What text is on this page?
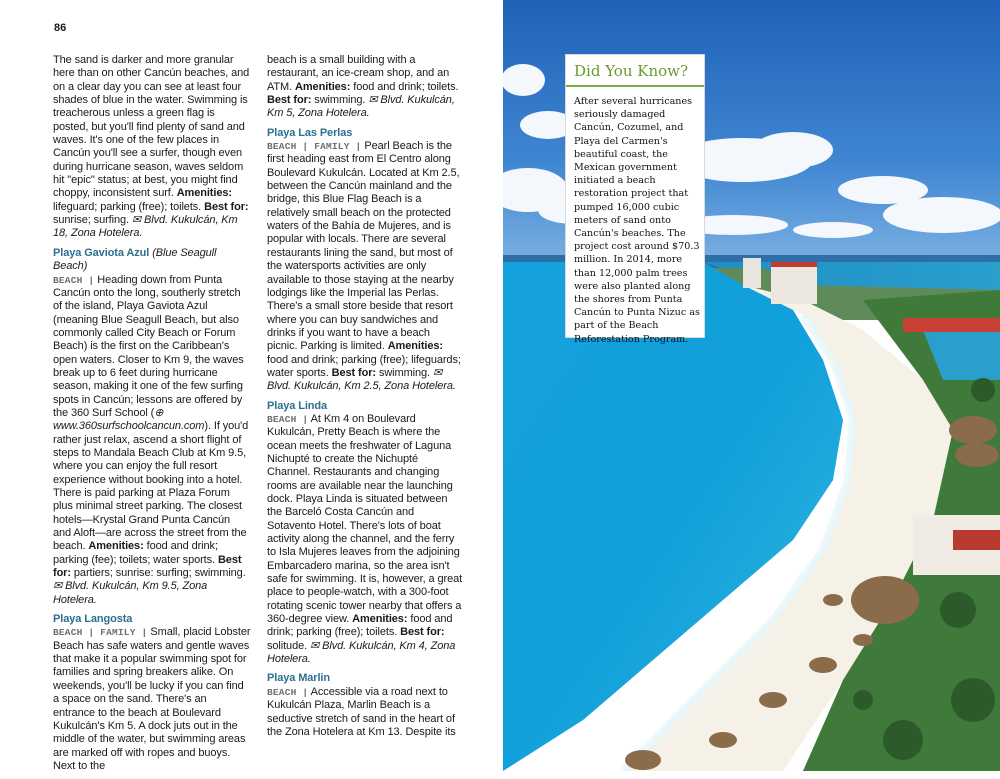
86

The sand is darker and more granular here than on other Cancún beaches, and on a clear day you can see at least four shades of blue in the water. Swimming is treacherous unless a green flag is posted, but you'll find plenty of sand and waves. It's one of the few places in Cancún you'll see a surfer, though even during hurricane season, waves seldom hit "epic" status; at best, you might find choppy, inconsistent surf. Amenities: lifeguard; parking (free); toilets. Best for: sunrise; surfing. ✉ Blvd. Kukulcán, Km 18, Zona Hotelera.

Playa Gaviota Azul (Blue Seagull Beach)
BEACH | Heading down from Punta Cancún onto the long, southerly stretch of the island, Playa Gaviota Azul (meaning Blue Seagull Beach, but also commonly called City Beach or Forum Beach) is the first on the Caribbean's open waters. Closer to Km 9, the waves break up to 6 feet during hurricane season, making it one of the few surfing spots in Cancún; lessons are offered by the 360 Surf School (⊕ www.360surfschoolcancun.com). If you'd rather just relax, ascend a short flight of steps to Mandala Beach Club at Km 9.5, where you can enjoy the full resort experience without booking into a hotel. There is paid parking at Plaza Forum plus minimal street parking. The closest hotels—Krystal Grand Punta Cancún and Aloft—are across the street from the beach. Amenities: food and drink; parking (fee); toilets; water sports. Best for: partiers; sunrise: surfing; swimming. ✉ Blvd. Kukulcán, Km 9.5, Zona Hotelera.

Playa Langosta
BEACH | FAMILY | Small, placid Lobster Beach has safe waters and gentle waves that make it a popular swimming spot for families and spring breakers alike. On weekends, you'll be lucky if you can find a space on the sand. There's an entrance to the beach at Boulevard Kukulcán's Km 5. A dock juts out in the middle of the water, but swimming areas are marked off with ropes and buoys. Next to the

beach is a small building with a restaurant, an ice-cream shop, and an ATM. Amenities: food and drink; toilets. Best for: swimming. ✉ Blvd. Kukulcán, Km 5, Zona Hotelera.

Playa Las Perlas
BEACH | FAMILY | Pearl Beach is the first heading east from El Centro along Boulevard Kukulcán. Located at Km 2.5, between the Cancún mainland and the bridge, this Blue Flag Beach is a relatively small beach on the protected waters of the Bahía de Mujeres, and is popular with locals. There are several restaurants lining the sand, but most of the watersports activities are only available to those staying at the nearby lodgings like the Imperial las Perlas. There's a small store beside that resort where you can buy sandwiches and drinks if you want to have a beach picnic. Parking is limited. Amenities: food and drink; parking (free); lifeguards; water sports. Best for: swimming. ✉ Blvd. Kukulcán, Km 2.5, Zona Hotelera.

Playa Linda
BEACH | At Km 4 on Boulevard Kukulcán, Pretty Beach is where the ocean meets the freshwater of Laguna Nichupté to create the Nichupté Channel. Restaurants and changing rooms are available near the launching dock. Playa Linda is situated between the Barceló Costa Cancún and Sotavento Hotel. There's lots of boat activity along the channel, and the ferry to Isla Mujeres leaves from the adjoining Embarcadero marina, so the area isn't safe for swimming. It is, however, a great place to people-watch, with a 300-foot rotating scenic tower nearby that offers a 360-degree view. Amenities: food and drink; parking (free); toilets. Best for: solitude. ✉ Blvd. Kukulcán, Km 4, Zona Hotelera.

Playa Marlin
BEACH | Accessible via a road next to Kukulcán Plaza, Marlin Beach is a seductive stretch of sand in the heart of the Zona Hotelera at Km 13. Despite its

Did You Know?
After several hurricanes seriously damaged Cancún, Cozumel, and Playa del Carmen's beautiful coast, the Mexican government initiated a beach restoration project that pumped 16,000 cubic meters of sand onto Cancún's beaches. The project cost around $70.3 million. In 2014, more than 12,000 palm trees were also planted along the shores from Punta Cancún to Punta Nizuc as part of the Beach Reforestation Program.
